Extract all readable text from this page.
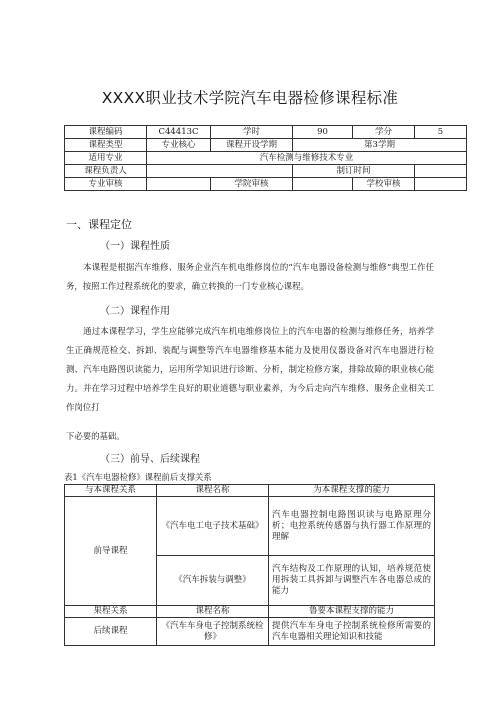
XXXX职业技术学院汽车电器检修课程标准
课程编码	C44413C	学时	90	学分	5
课程类型	专业核心	课程开设学期	第3学期		
适用专业	汽车检测与维修技术专业				
课程负责人			制订时间		
专业审核		学院审核		学校审核	
一、课程定位
（一）课程性质
本课程是根据汽车维修、服务企业汽车机电维修岗位的“汽车电器设备检测与维修”典型工作任务，按照工作过程系统化的要求，确立转换的一门专业核心课程。
（二）课程作用
通过本课程学习，学生应能够完成汽车机电维修岗位上的汽车电器的检测与维修任务，培养学生正确规范检交、拆卸、装配与调整等汽车电器维修基本能力及使用仪器设备对汽车电器进行检测、汽车电路图识读能力，运用所学知识进行诊断、分析，制定检修方案，排除故障的职业核心能力。并在学习过程中培养学生良好的职业道德与职业素养，为今后走向汽车维修、服务企业相关工作岗位打
下必要的基础。
（三）前导、后续课程
表1《汽车电器检修》课程前后支撑关系
与本课程关系	课程名称	为本课程支撑的能力
前导课程	《汽车电工电子技术基础》	汽车电器控制电路图识读与电路原理分析；电控系统传感器与执行器工作原理的理解
	《汽车拆装与调整》	汽车结构及工作原理的认知，培养规范使用拆装工具拆卸与调整汽车各电器总成的能力
果程关系	课程名称	鲁要本课程支撑的能力
后续课程	《汽车车身电子控制系统检修》	提供汽车车身电子控制系统检修所需要的汽车电器相关理论知识和技能
